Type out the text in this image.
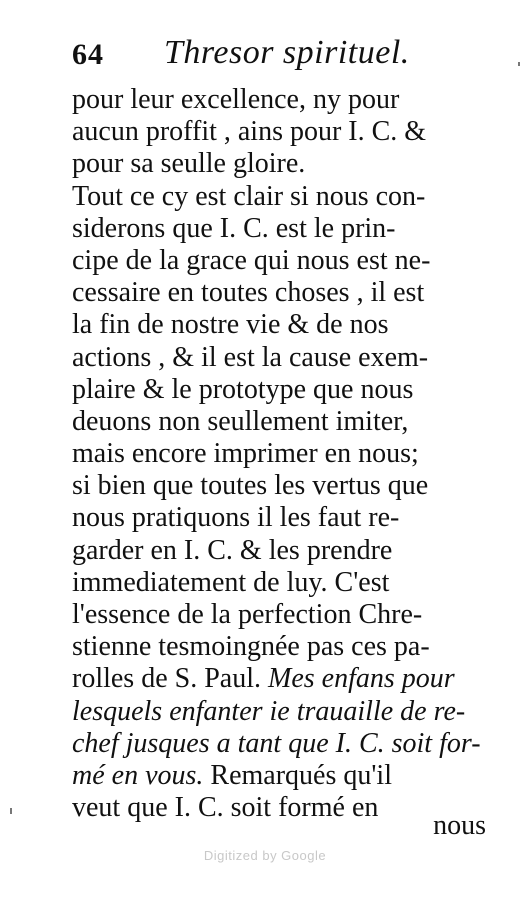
64 Thresor spirituel.
pour leur excellence, ny pour
aucun proffit , ains pour I. C. &
pour sa seulle gloire.
Tout ce cy est clair si nous con-
siderons que I. C. est le prin-
cipe de la grace qui nous est ne-
cessaire en toutes choses , il est
la fin de nostre vie & de nos
actions , & il est la cause exem-
plaire & le prototype que nous
deuons non seullement imiter,
mais encore imprimer en nous;
si bien que toutes les vertus que
nous pratiquons il les faut re-
garder en I. C. & les prendre
immediatement de luy. C'est
l'essence de la perfection Chre-
stienne tesmoingnée pas ces pa-
rolles de S. Paul. Mes enfans pour
lesquels enfanter ie trauaille de re-
chef jusques a tant que I. C. soit for-
mé en vous. Remarqués qu'il
veut que I. C. soit formé en
nous
Digitized by Google
